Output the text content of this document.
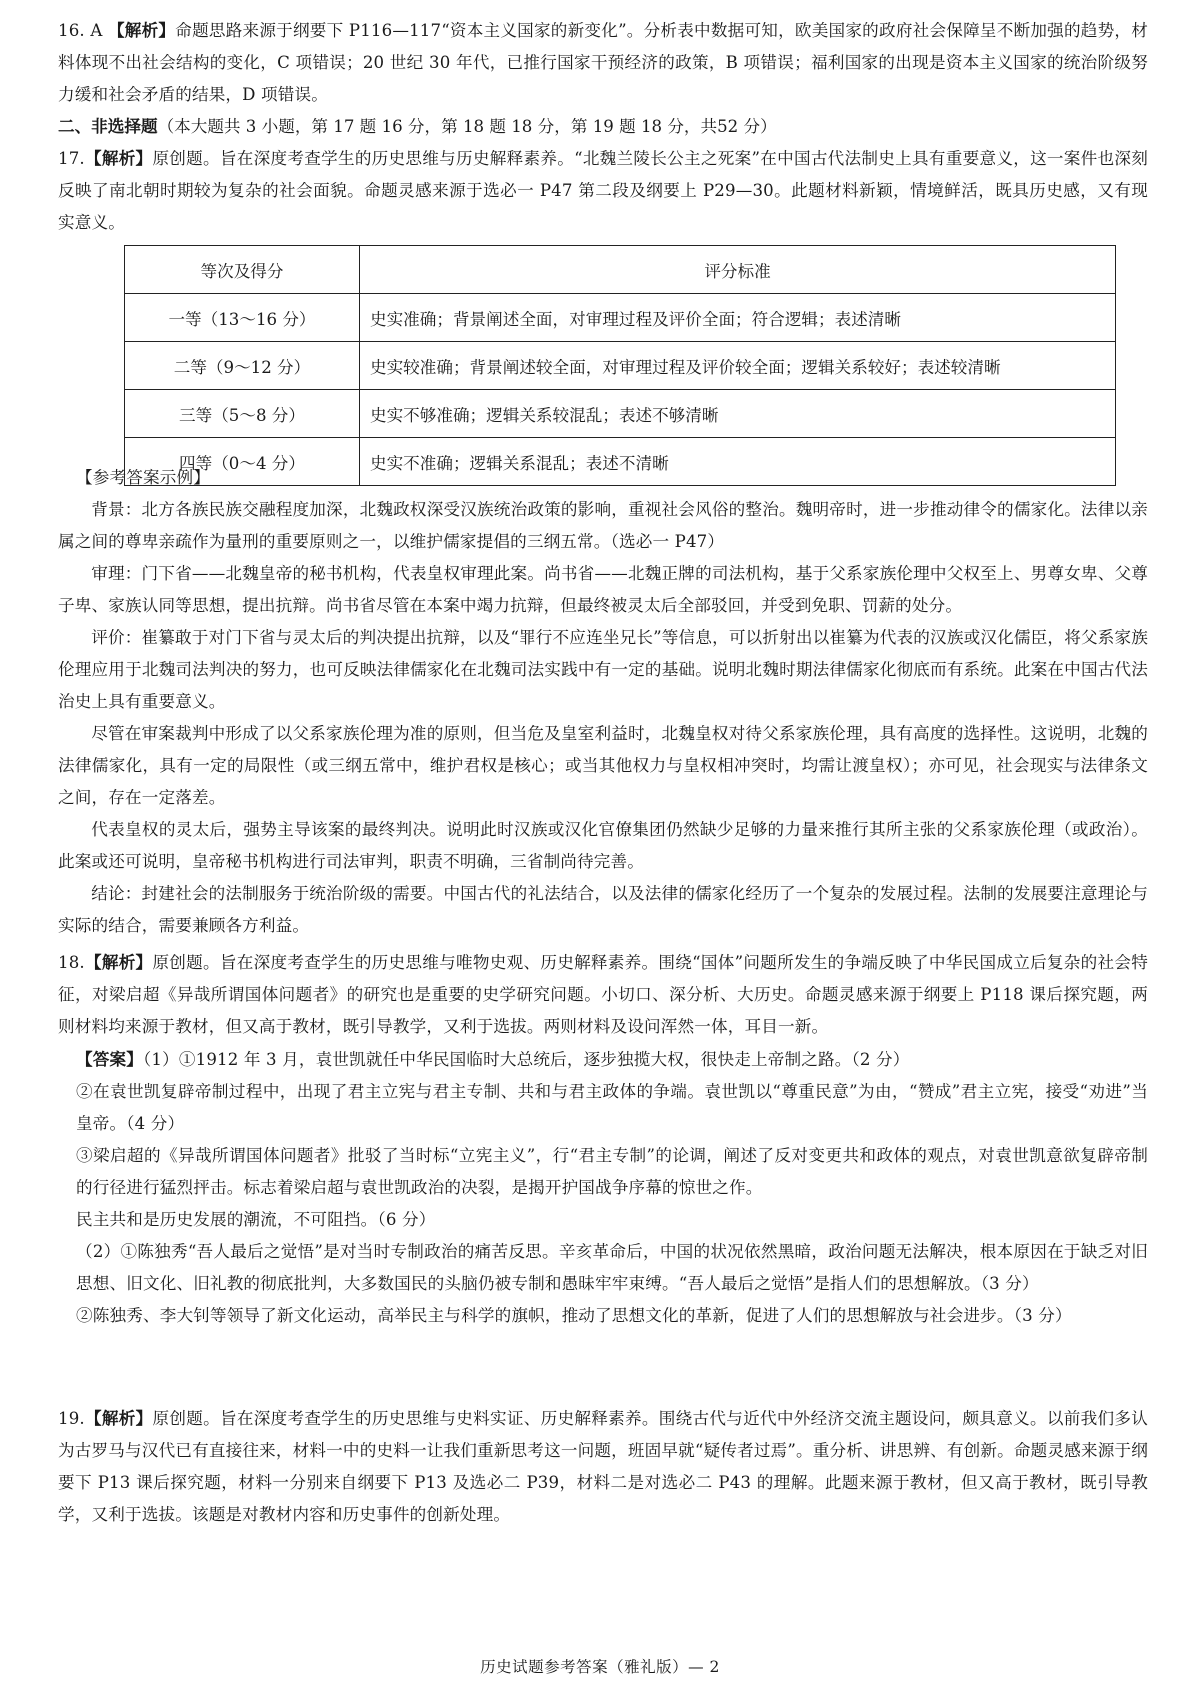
16. A 【解析】命题思路来源于纲要下 P116—117“资本主义国家的新变化”。分析表中数据可知，欧美国家的政府社会保障呈不断加强的趋势，材料体现不出社会结构的变化，C 项错误；20 世纪 30 年代，已推行国家干预经济的政策，B 项错误；福利国家的出现是资本主义国家的统治阶级努力缓和社会矛盾的结果，D 项错误。

二、非选择题（本大题共 3 小题，第 17 题 16 分，第 18 题 18 分，第 19 题 18 分，共52 分）

17.【解析】原创题。旨在深度考查学生的历史思维与历史解释素养。“北魏兰陵长公主之死案”在中国古代法制史上具有重要意义，这一案件也深刻反映了南北朝时期较为复杂的社会面貌。命题灵感来源于选必一 P47 第二段及纲要上 P29—30。此题材料新颖，情境鲜活，既具历史感，又有现实意义。

等次及得分	评分标准
一等（13～16 分）	史实准确；背景阐述全面，对审理过程及评价全面；符合逻辑；表述清晰
二等（9～12 分）	史实较准确；背景阐述较全面，对审理过程及评价较全面；逻辑关系较好；表述较清晰
三等（5～8 分）	史实不够准确；逻辑关系较混乱；表述不够清晰
四等（0～4 分）	史实不准确；逻辑关系混乱；表述不清晰

【参考答案示例】

背景：北方各族民族交融程度加深，北魏政权深受汉族统治政策的影响，重视社会风俗的整治。魏明帝时，进一步推动律令的儒家化。法律以亲属之间的尊卑亲疏作为量刑的重要原则之一，以维护儒家提倡的三纲五常。（选必一 P47）

审理：门下省——北魏皇帝的秘书机构，代表皇权审理此案。尚书省——北魏正牌的司法机构，基于父系家族伦理中父权至上、男尊女卑、父尊子卑、家族认同等思想，提出抗辩。尚书省尽管在本案中竭力抗辩，但最终被灵太后全部驳回，并受到免职、罚薪的处分。

评价：崔纂敢于对门下省与灵太后的判决提出抗辩，以及“罪行不应连坐兄长”等信息，可以折射出以崔纂为代表的汉族或汉化儒臣，将父系家族伦理应用于北魏司法判决的努力，也可反映法律儒家化在北魏司法实践中有一定的基础。说明北魏时期法律儒家化彻底而有系统。此案在中国古代法治史上具有重要意义。

尽管在审案裁判中形成了以父系家族伦理为准的原则，但当危及皇室利益时，北魏皇权对待父系家族伦理，具有高度的选择性。这说明，北魏的法律儒家化，具有一定的局限性（或三纲五常中，维护君权是核心；或当其他权力与皇权相冲突时，均需让渡皇权）；亦可见，社会现实与法律条文之间，存在一定落差。

代表皇权的灵太后，强势主导该案的最终判决。说明此时汉族或汉化官僚集团仍然缺少足够的力量来推行其所主张的父系家族伦理（或政治）。此案或还可说明，皇帝秘书机构进行司法审判，职责不明确，三省制尚待完善。

结论：封建社会的法制服务于统治阶级的需要。中国古代的礼法结合，以及法律的儒家化经历了一个复杂的发展过程。法制的发展要注意理论与实际的结合，需要兼顾各方利益。

18.【解析】原创题。旨在深度考查学生的历史思维与唯物史观、历史解释素养。围绕“国体”问题所发生的争端反映了中华民国成立后复杂的社会特征，对梁启超《异哉所谓国体问题者》的研究也是重要的史学研究问题。小切口、深分析、大历史。命题灵感来源于纲要上 P118 课后探究题，两则材料均来源于教材，但又高于教材，既引导教学，又利于选拔。两则材料及设问浑然一体，耳目一新。

【答案】（1）①1912 年 3 月，袁世凯就任中华民国临时大总统后，逐步独揽大权，很快走上帝制之路。（2 分）

②在袁世凯复辟帝制过程中，出现了君主立宪与君主专制、共和与君主政体的争端。袁世凯以“尊重民意”为由，“赞成”君主立宪，接受“劝进”当皇帝。（4 分）

③梁启超的《异哉所谓国体问题者》批驳了当时标“立宪主义”，行“君主专制”的论调，阐述了反对变更共和政体的观点，对袁世凯意欲复辟帝制的行径进行猛烈抨击。标志着梁启超与袁世凯政治的决裂，是揭开护国战争序幕的惊世之作。

民主共和是历史发展的潮流，不可阻挡。（6 分）

（2）①陈独秀“吾人最后之觉悟”是对当时专制政治的痛苦反思。辛亥革命后，中国的状况依然黑暗，政治问题无法解决，根本原因在于缺乏对旧思想、旧文化、旧礼教的彻底批判，大多数国民的头脑仍被专制和愚昧牢牢束缚。“吾人最后之觉悟”是指人们的思想解放。（3 分）

②陈独秀、李大钊等领导了新文化运动，高举民主与科学的旗帜，推动了思想文化的革新，促进了人们的思想解放与社会进步。（3 分）

19.【解析】原创题。旨在深度考查学生的历史思维与史料实证、历史解释素养。围绕古代与近代中外经济交流主题设问，颇具意义。以前我们多认为古罗马与汉代已有直接往来，材料一中的史料一让我们重新思考这一问题，班固早就“疑传者过焉”。重分析、讲思辨、有创新。命题灵感来源于纲要下 P13 课后探究题，材料一分别来自纲要下 P13 及选必二 P39，材料二是对选必二 P43 的理解。此题来源于教材，但又高于教材，既引导教学，又利于选拔。该题是对教材内容和历史事件的创新处理。

历史试题参考答案（雅礼版）— 2
